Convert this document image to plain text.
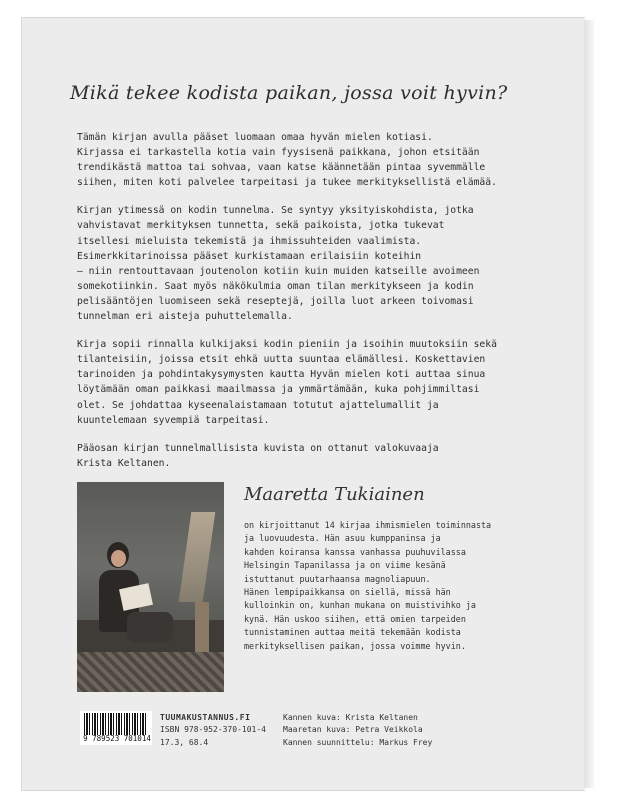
Mikä tekee kodista paikan, jossa voit hyvin?

Tämän kirjan avulla pääset luomaan omaa hyvän mielen kotiasi.
Kirjassa ei tarkastella kotia vain fyysisenä paikkana, johon etsitään
trendikästä mattoa tai sohvaa, vaan katse käännetään pintaa syvemmälle
siihen, miten koti palvelee tarpeitasi ja tukee merkityksellistä elämää.

Kirjan ytimessä on kodin tunnelma. Se syntyy yksityiskohdista, jotka
vahvistavat merkityksen tunnetta, sekä paikoista, jotka tukevat
itsellesi mieluista tekemistä ja ihmissuhteiden vaalimista.
Esimerkkitarinoissa pääset kurkistamaan erilaisiin koteihin
– niin rentouttavaan joutenolon kotiin kuin muiden katseille avoimeen
somekotiinkin. Saat myös näkökulmia oman tilan merkitykseen ja kodin
pelisääntöjen luomiseen sekä reseptejä, joilla luot arkeen toivomasi
tunnelman eri aisteja puhuttelemalla.

Kirja sopii rinnalla kulkijaksi kodin pieniin ja isoihin muutoksiin sekä
tilanteisiin, joissa etsit ehkä uutta suuntaa elämällesi. Koskettavien
tarinoiden ja pohdintakysymysten kautta Hyvän mielen koti auttaa sinua
löytämään oman paikkasi maailmassa ja ymmärtämään, kuka pohjimmiltasi
olet. Se johdattaa kyseenalaistamaan totutut ajattelumallit ja
kuuntelemaan syvempiä tarpeitasi.

Pääosan kirjan tunnelmallisista kuvista on ottanut valokuvaaja
Krista Keltanen.

Maaretta Tukiainen
on kirjoittanut 14 kirjaa ihmismielen toiminnasta
ja luovuudesta. Hän asuu kumppaninsa ja
kahden koiransa kanssa vanhassa puuhuvilassa
Helsingin Tapanilassa ja on viime kesänä
istuttanut puutarhaansa magnoliapuun.
Hänen lempipaikkansa on siellä, missä hän
kulloinkin on, kunhan mukana on muistivihko ja
kynä. Hän uskoo siihen, että omien tarpeiden
tunnistaminen auttaa meitä tekemään kodista
merkityksellisen paikan, jossa voimme hyvin.
9 789523 701014
TUUMAKUSTANNUS.FI
ISBN 978-952-370-101-4
17.3, 68.4
Kannen kuva: Krista Keltanen
Maaretan kuva: Petra Veikkola
Kannen suunnittelu: Markus Frey
